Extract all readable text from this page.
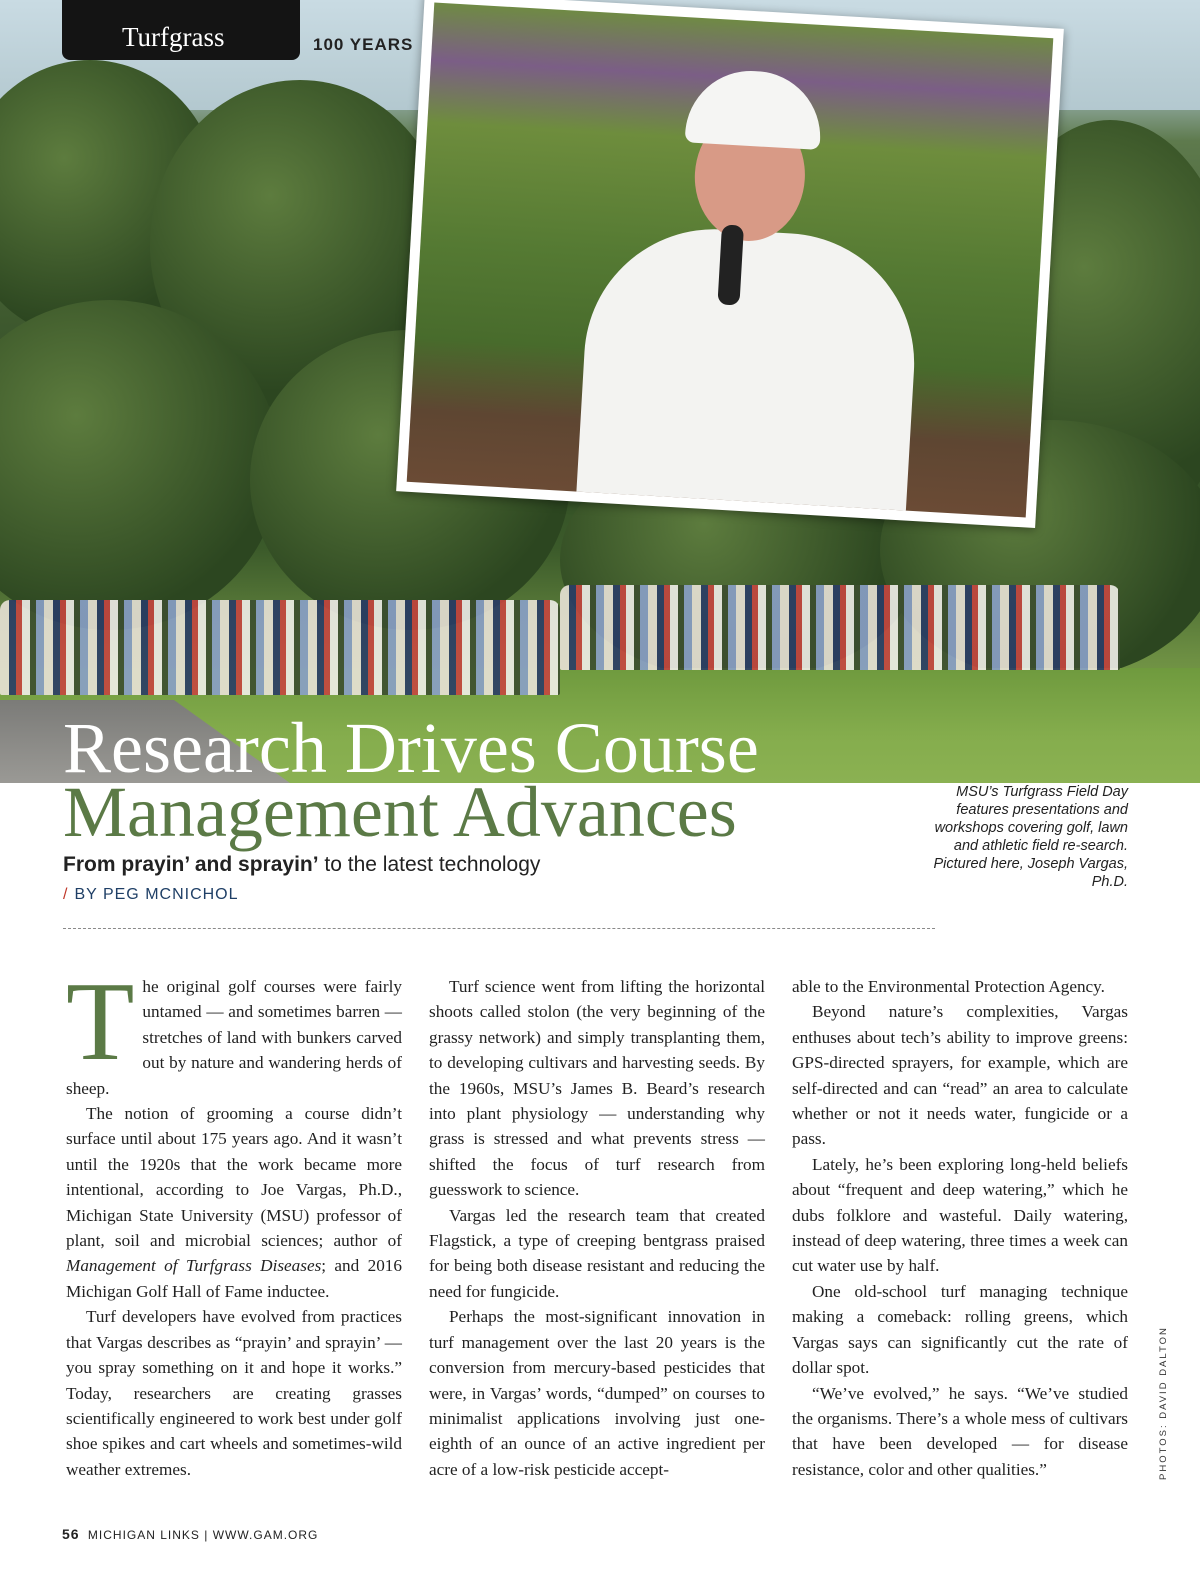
Turfgrass	100 YEARS
Research Drives Course
Management Advances
From prayin’ and sprayin’ to the latest technology
/ BY PEG MCNICHOL
MSU’s Turfgrass Field Day features presentations and workshops covering golf, lawn and athletic field re-search. Pictured here, Joseph Vargas, Ph.D.

The original golf courses were fairly untamed — and sometimes barren — stretches of land with bunkers carved out by nature and wandering herds of sheep.

The notion of grooming a course didn’t surface until about 175 years ago. And it wasn’t until the 1920s that the work became more intentional, according to Joe Vargas, Ph.D., Michigan State University (MSU) professor of plant, soil and microbial sciences; author of Management of Turfgrass Diseases; and 2016 Michigan Golf Hall of Fame inductee.

Turf developers have evolved from practices that Vargas describes as “prayin’ and sprayin’ — you spray something on it and hope it works.” Today, researchers are creating grasses scientifically engineered to work best under golf shoe spikes and cart wheels and sometimes-wild weather extremes.

Turf science went from lifting the horizontal shoots called stolon (the very beginning of the grassy network) and simply transplanting them, to developing cultivars and harvesting seeds. By the 1960s, MSU’s James B. Beard’s research into plant physiology — understanding why grass is stressed and what prevents stress — shifted the focus of turf research from guesswork to science.

Vargas led the research team that created Flagstick, a type of creeping bentgrass praised for being both disease resistant and reducing the need for fungicide.

Perhaps the most-significant innovation in turf management over the last 20 years is the conversion from mercury-based pesticides that were, in Vargas’ words, “dumped” on courses to minimalist applications involving just one-eighth of an ounce of an active ingredient per acre of a low-risk pesticide accept-

able to the Environmental Protection Agency.

Beyond nature’s complexities, Vargas enthuses about tech’s ability to improve greens: GPS-directed sprayers, for example, which are self-directed and can “read” an area to calculate whether or not it needs water, fungicide or a pass.

Lately, he’s been exploring long-held beliefs about “frequent and deep watering,” which he dubs folklore and wasteful. Daily watering, instead of deep watering, three times a week can cut water use by half.

One old-school turf managing technique making a comeback: rolling greens, which Vargas says can significantly cut the rate of dollar spot.

“We’ve evolved,” he says. “We’ve studied the organisms. There’s a whole mess of cultivars that have been developed — for disease resistance, color and other qualities.”	PHOTOS: DAVID DALTON
56 MICHIGAN LINKS | WWW.GAM.ORG
